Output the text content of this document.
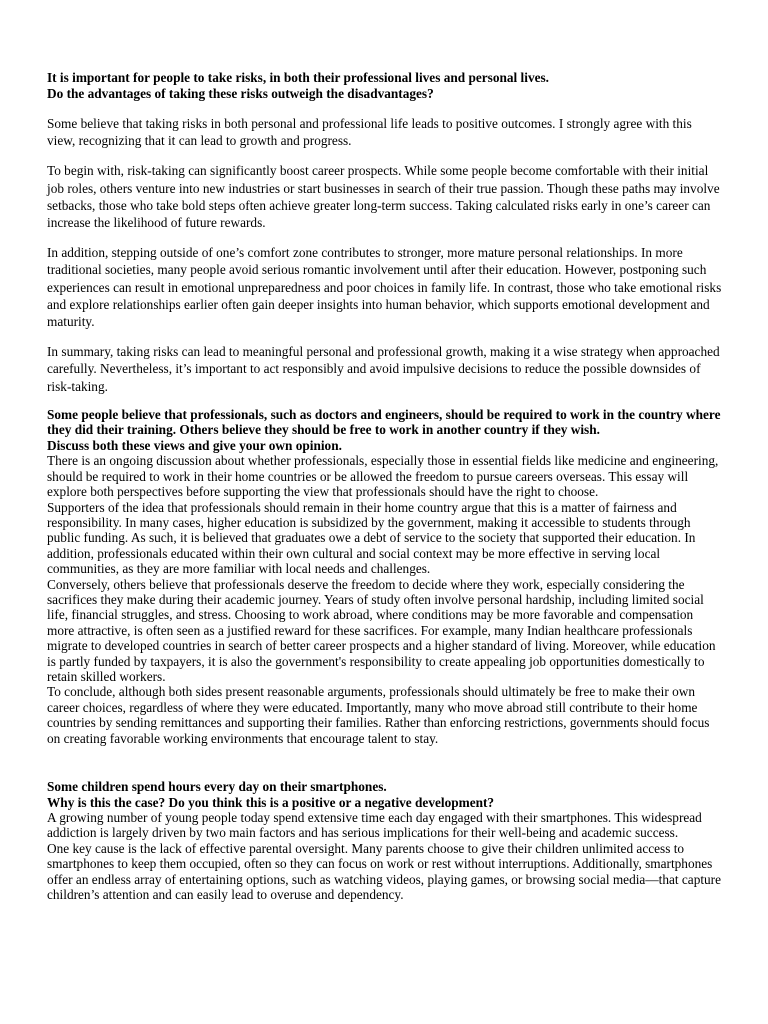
It is important for people to take risks, in both their professional lives and personal lives.
Do the advantages of taking these risks outweigh the disadvantages?

Some believe that taking risks in both personal and professional life leads to positive outcomes. I strongly agree with this view, recognizing that it can lead to growth and progress.

To begin with, risk-taking can significantly boost career prospects. While some people become comfortable with their initial job roles, others venture into new industries or start businesses in search of their true passion. Though these paths may involve setbacks, those who take bold steps often achieve greater long-term success. Taking calculated risks early in one’s career can increase the likelihood of future rewards.

In addition, stepping outside of one’s comfort zone contributes to stronger, more mature personal relationships. In more traditional societies, many people avoid serious romantic involvement until after their education. However, postponing such experiences can result in emotional unpreparedness and poor choices in family life. In contrast, those who take emotional risks and explore relationships earlier often gain deeper insights into human behavior, which supports emotional development and maturity.

In summary, taking risks can lead to meaningful personal and professional growth, making it a wise strategy when approached carefully. Nevertheless, it’s important to act responsibly and avoid impulsive decisions to reduce the possible downsides of risk-taking.

Some people believe that professionals, such as doctors and engineers, should be required to work in the country where they did their training. Others believe they should be free to work in another country if they wish.
Discuss both these views and give your own opinion.

There is an ongoing discussion about whether professionals, especially those in essential fields like medicine and engineering, should be required to work in their home countries or be allowed the freedom to pursue careers overseas. This essay will explore both perspectives before supporting the view that professionals should have the right to choose.

Supporters of the idea that professionals should remain in their home country argue that this is a matter of fairness and responsibility. In many cases, higher education is subsidized by the government, making it accessible to students through public funding. As such, it is believed that graduates owe a debt of service to the society that supported their education. In addition, professionals educated within their own cultural and social context may be more effective in serving local communities, as they are more familiar with local needs and challenges.

Conversely, others believe that professionals deserve the freedom to decide where they work, especially considering the sacrifices they make during their academic journey. Years of study often involve personal hardship, including limited social life, financial struggles, and stress. Choosing to work abroad, where conditions may be more favorable and compensation more attractive, is often seen as a justified reward for these sacrifices. For example, many Indian healthcare professionals migrate to developed countries in search of better career prospects and a higher standard of living. Moreover, while education is partly funded by taxpayers, it is also the government's responsibility to create appealing job opportunities domestically to retain skilled workers.

To conclude, although both sides present reasonable arguments, professionals should ultimately be free to make their own career choices, regardless of where they were educated. Importantly, many who move abroad still contribute to their home countries by sending remittances and supporting their families. Rather than enforcing restrictions, governments should focus on creating favorable working environments that encourage talent to stay.

Some children spend hours every day on their smartphones.
Why is this the case? Do you think this is a positive or a negative development?

A growing number of young people today spend extensive time each day engaged with their smartphones. This widespread addiction is largely driven by two main factors and has serious implications for their well-being and academic success.

One key cause is the lack of effective parental oversight. Many parents choose to give their children unlimited access to smartphones to keep them occupied, often so they can focus on work or rest without interruptions. Additionally, smartphones offer an endless array of entertaining options, such as watching videos, playing games, or browsing social media—that capture children’s attention and can easily lead to overuse and dependency.
